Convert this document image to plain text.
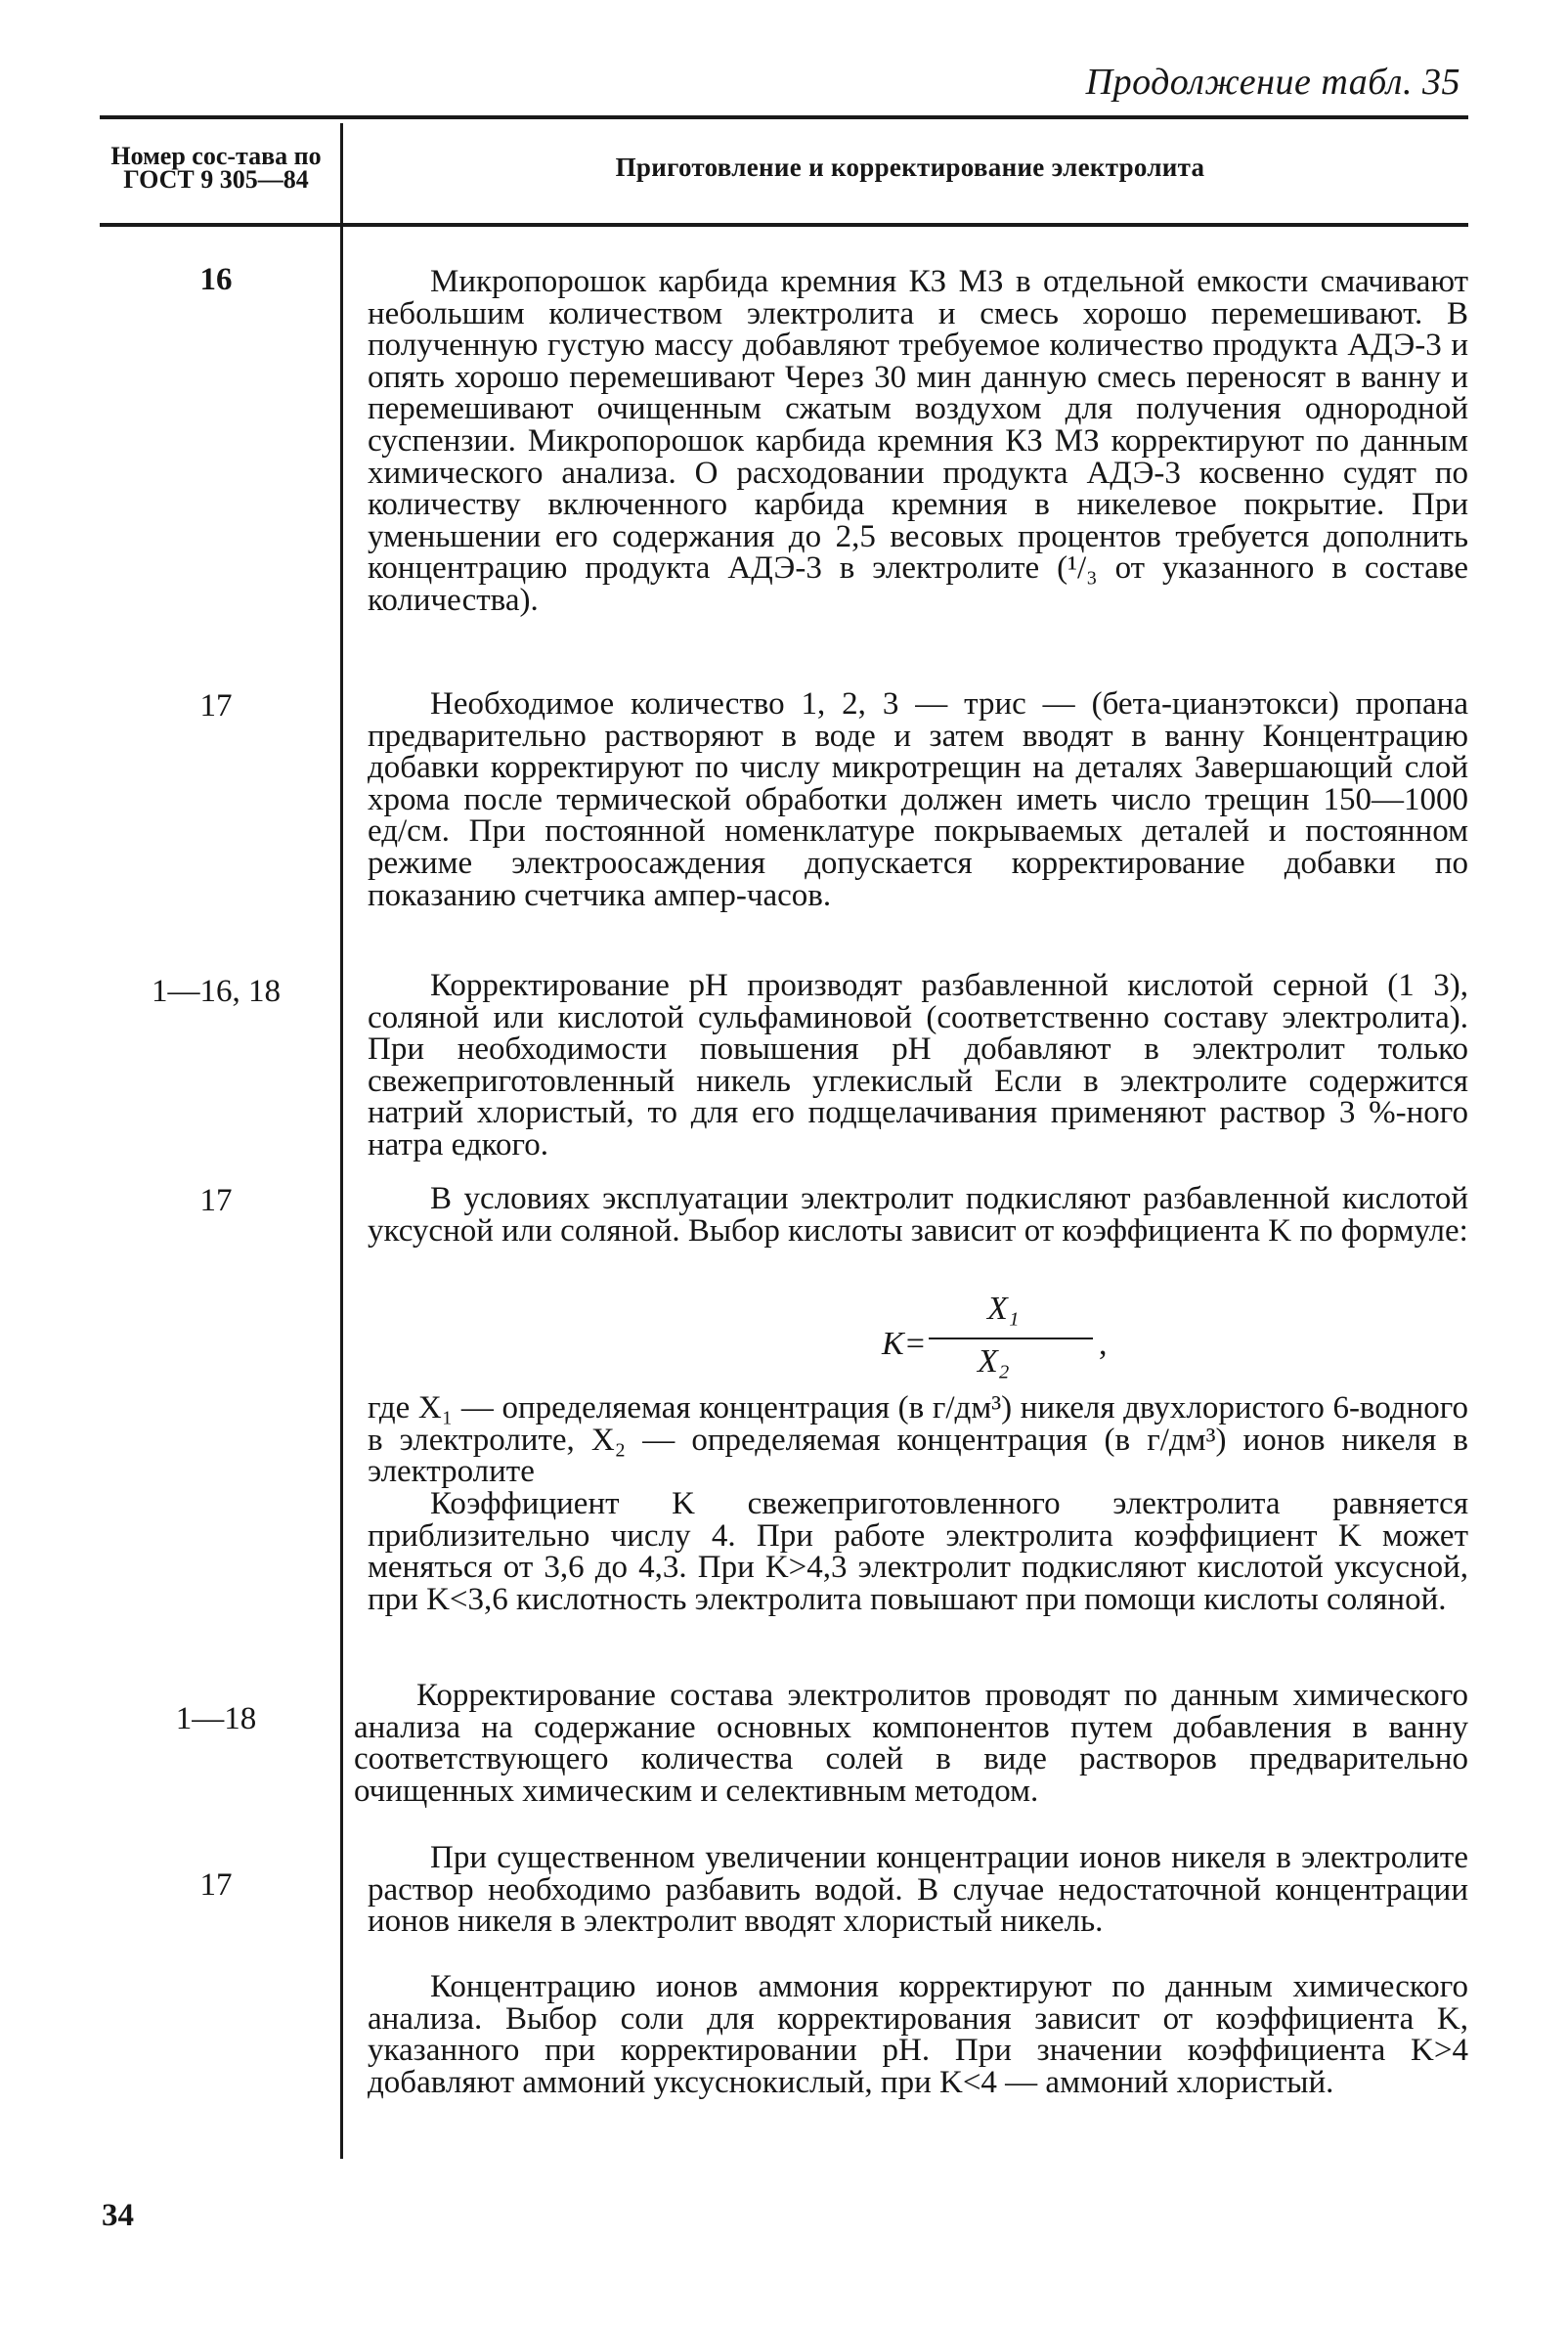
Продолжение табл. 35
Номер сос-тава по ГОСТ 9 305—84	Приготовление и корректирование электролита
16
17
1—16, 18
17
1—18
17

Микропорошок карбида кремния КЗ МЗ в отдельной емкости смачивают небольшим количеством электролита и смесь хорошо перемешивают. В полученную густую массу добавляют требуемое количество продукта АДЭ-3 и опять хорошо перемешивают Через 30 мин данную смесь переносят в ванну и перемешивают очищенным сжатым воздухом для получения однородной суспензии. Микропорошок карбида кремния КЗ МЗ корректируют по данным химического анализа. О расходовании продукта АДЭ-3 косвенно судят по количеству включенного карбида кремния в никелевое покрытие. При уменьшении его содержания до 2,5 весовых процентов требуется дополнить концентрацию продукта АДЭ-3 в электролите (¹/₃ от указанного в составе количества).

Необходимое количество 1, 2, 3 — трис — (бета-цианэтокси) пропана предварительно растворяют в воде и затем вводят в ванну Концентрацию добавки корректируют по числу микротрещин на деталях Завершающий слой хрома после термической обработки должен иметь число трещин 150—1000 ед/см. При постоянной номенклатуре покрываемых деталей и постоянном режиме электроосаждения допускается корректирование добавки по показанию счетчика ампер-часов.

Корректирование pH производят разбавленной кислотой серной (1 3), соляной или кислотой сульфаминовой (соответственно составу электролита). При необходимости повышения pH добавляют в электролит только свежеприготовленный никель углекислый Если в электролите содержится натрий хлористый, то для его подщелачивания применяют раствор 3 %-ного натра едкого.

В условиях эксплуатации электролит подкисляют разбавленной кислотой уксусной или соляной. Выбор кислоты зависит от коэффициента K по формуле:

K=
X₁
X₂	,

где X₁ — определяемая концентрация (в г/дм³) никеля двухлористого 6-водного в электролите, X₂ — определяемая концентрация (в г/дм³) ионов никеля в электролите

Коэффициент K свежеприготовленного электролита равняется приблизительно числу 4. При работе электролита коэффициент K может меняться от 3,6 до 4,3. При K>4,3 электролит подкисляют кислотой уксусной, при K<3,6 кислотность электролита повышают при помощи кислоты соляной.

Корректирование состава электролитов проводят по данным химического анализа на содержание основных компонентов путем добавления в ванну соответствующего количества солей в виде растворов предварительно очищенных химическим и селективным методом.

При существенном увеличении концентрации ионов никеля в электролите раствор необходимо разбавить водой. В случае недостаточной концентрации ионов никеля в электролит вводят хлористый никель.

Концентрацию ионов аммония корректируют по данным химического анализа. Выбор соли для корректирования зависит от коэффициента K, указанного при корректировании pH. При значении коэффициента K>4 добавляют аммоний уксуснокислый, при K<4 — аммоний хлористый.

34
